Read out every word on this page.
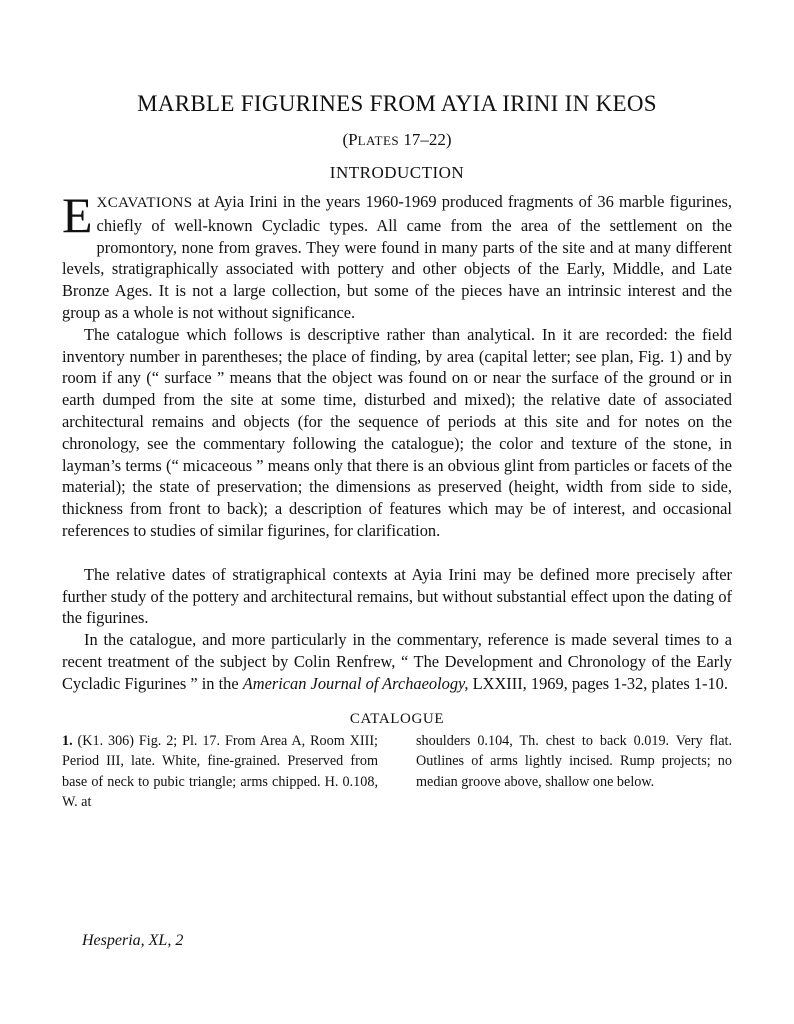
MARBLE FIGURINES FROM AYIA IRINI IN KEOS
(PLATES 17–22)
INTRODUCTION

EXCAVATIONS at Ayia Irini in the years 1960-1969 produced fragments of 36 marble figurines, chiefly of well-known Cycladic types. All came from the area of the settlement on the promontory, none from graves. They were found in many parts of the site and at many different levels, stratigraphically associated with pottery and other objects of the Early, Middle, and Late Bronze Ages. It is not a large collection, but some of the pieces have an intrinsic interest and the group as a whole is not without significance.

The catalogue which follows is descriptive rather than analytical. In it are recorded: the field inventory number in parentheses; the place of finding, by area (capital letter; see plan, Fig. 1) and by room if any (“ surface ” means that the object was found on or near the surface of the ground or in earth dumped from the site at some time, disturbed and mixed); the relative date of associated architectural remains and objects (for the sequence of periods at this site and for notes on the chronology, see the commentary following the catalogue); the color and texture of the stone, in layman’s terms (“ micaceous ” means only that there is an obvious glint from particles or facets of the material); the state of preservation; the dimensions as preserved (height, width from side to side, thickness from front to back); a description of features which may be of interest, and occasional references to studies of similar figurines, for clarification.

The relative dates of stratigraphical contexts at Ayia Irini may be defined more precisely after further study of the pottery and architectural remains, but without substantial effect upon the dating of the figurines.

In the catalogue, and more particularly in the commentary, reference is made several times to a recent treatment of the subject by Colin Renfrew, “ The Development and Chronology of the Early Cycladic Figurines ” in the American Journal of Archaeology, LXXIII, 1969, pages 1-32, plates 1-10.

CATALOGUE
1. (K1. 306) Fig. 2; Pl. 17. From Area A, Room XIII; Period III, late. White, fine-grained. Preserved from base of neck to pubic triangle; arms chipped. H. 0.108, W. at
shoulders 0.104, Th. chest to back 0.019. Very flat. Outlines of arms lightly incised. Rump projects; no median groove above, shallow one below.
Hesperia, XL, 2
